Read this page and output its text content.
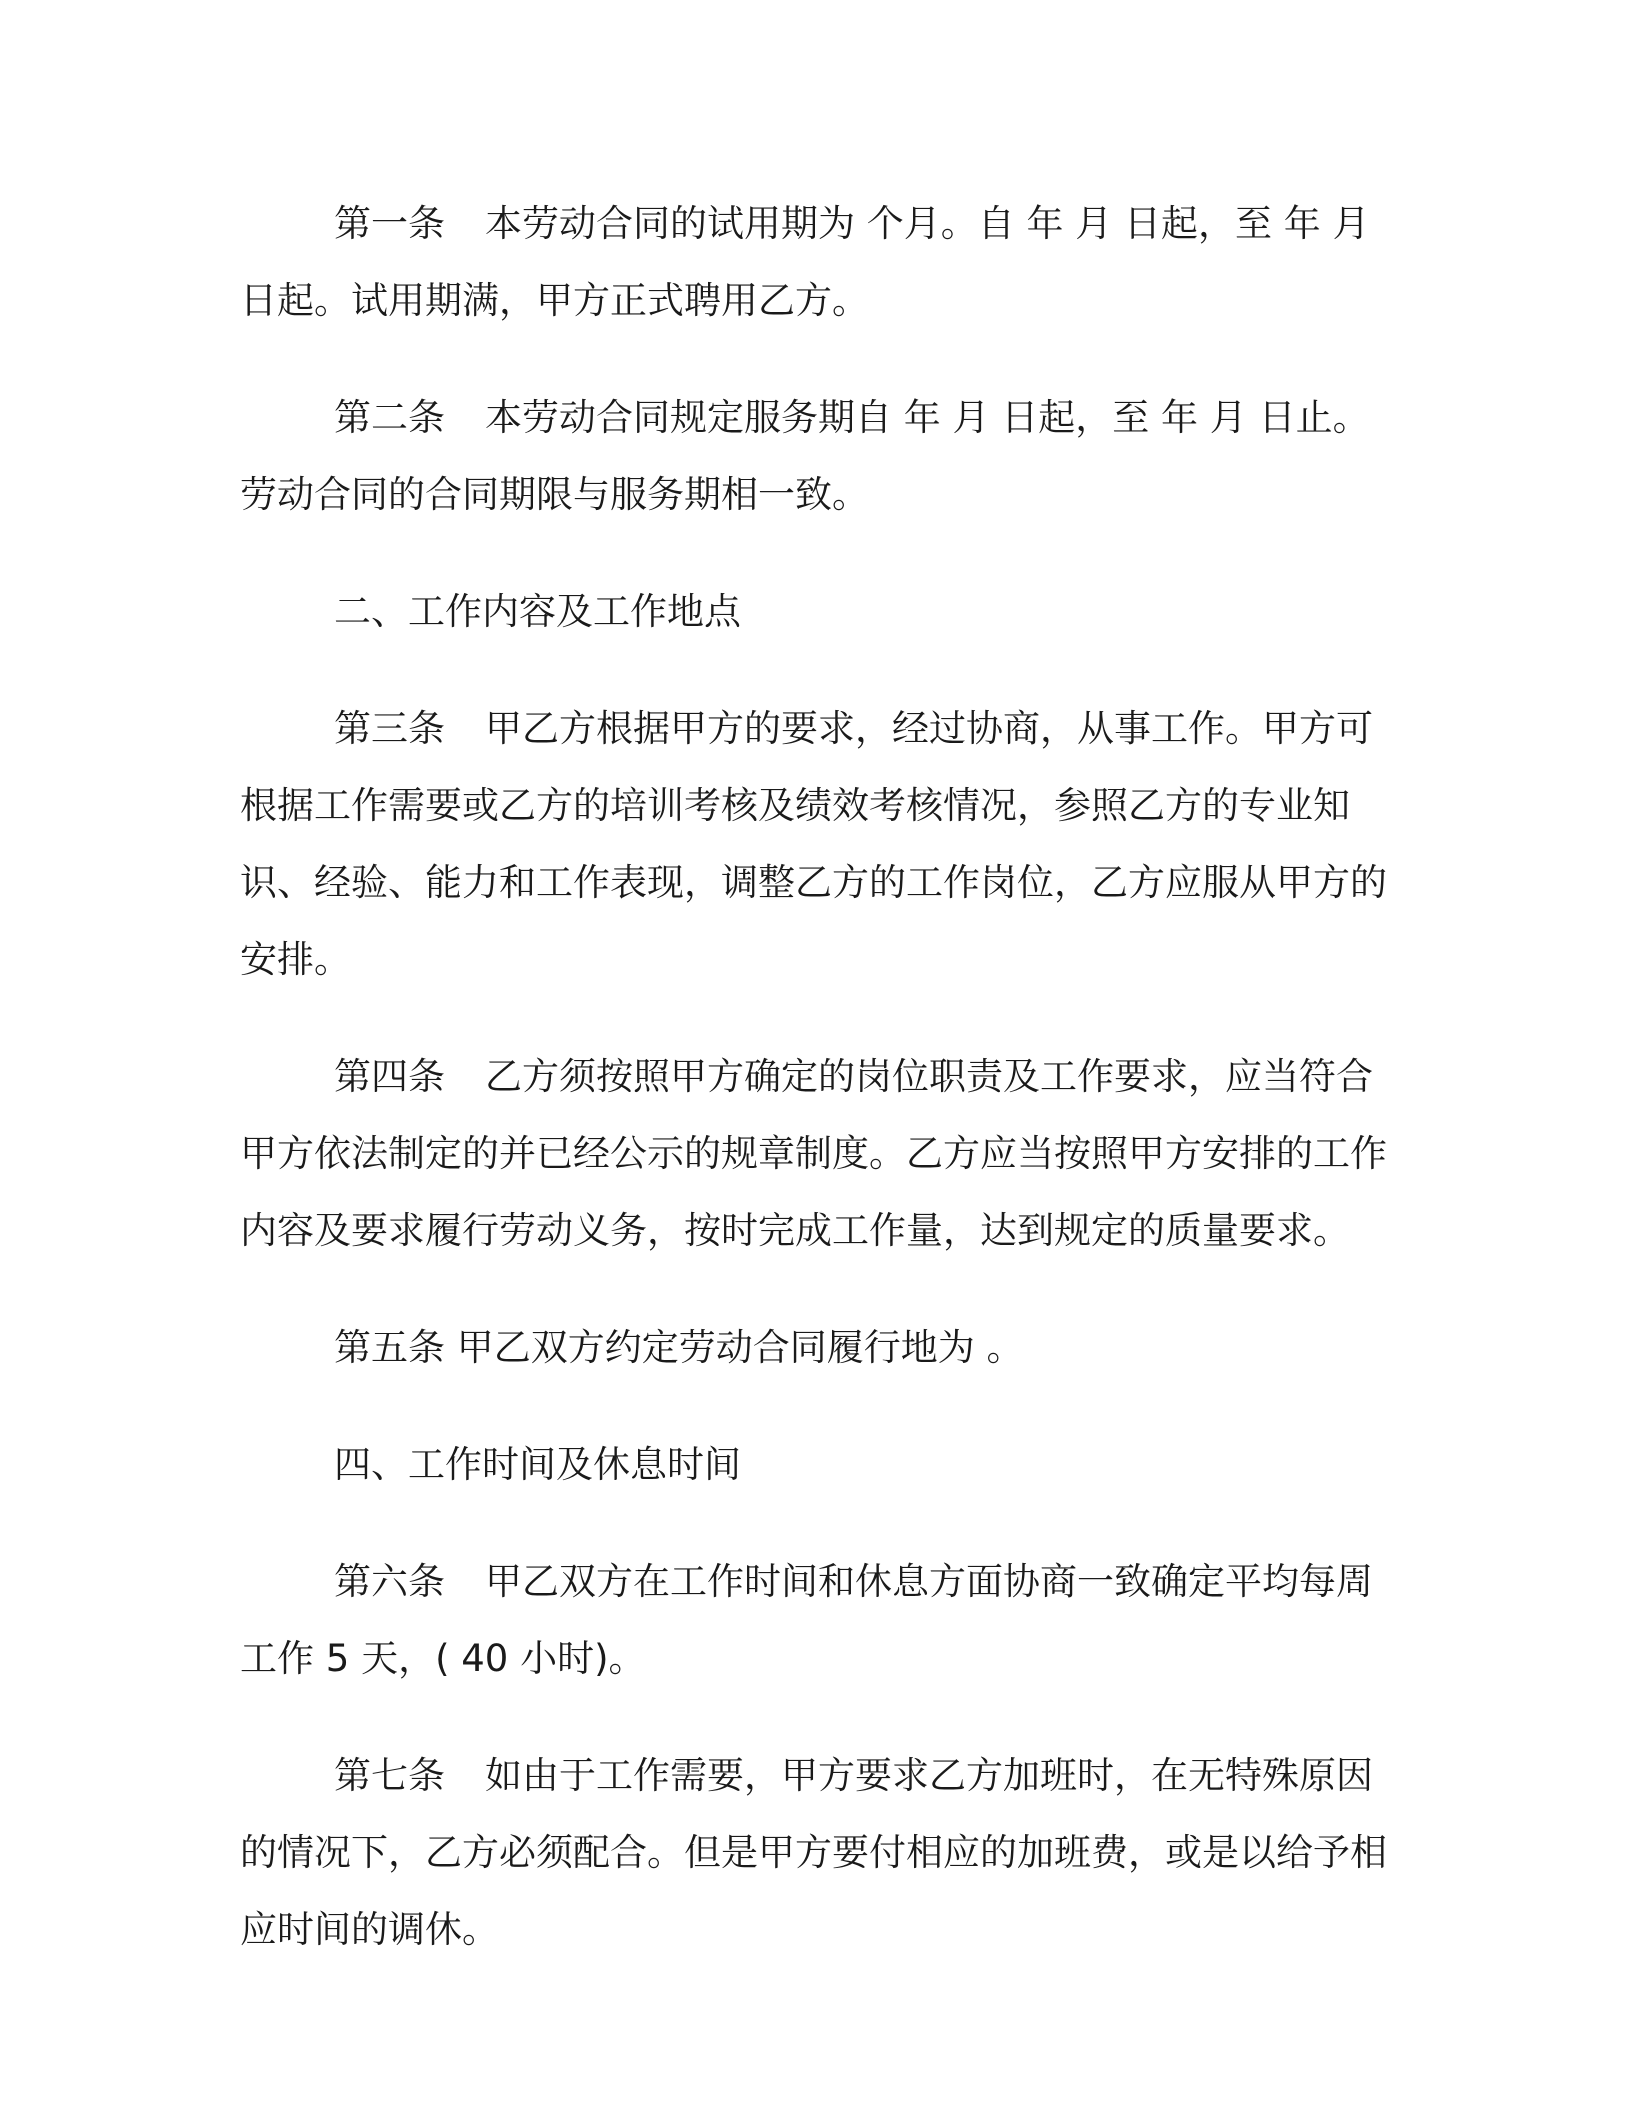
第一条 本劳动合同的试用期为 个月。自 年 月 日起，至 年 月 日起。试用期满，甲方正式聘用乙方。

第二条 本劳动合同规定服务期自 年 月 日起，至 年 月 日止。劳动合同的合同期限与服务期相一致。

二、工作内容及工作地点

第三条 甲乙方根据甲方的要求，经过协商，从事工作。甲方可根据工作需要或乙方的培训考核及绩效考核情况，参照乙方的专业知识、经验、能力和工作表现，调整乙方的工作岗位，乙方应服从甲方的安排。

第四条 乙方须按照甲方确定的岗位职责及工作要求，应当符合甲方依法制定的并已经公示的规章制度。乙方应当按照甲方安排的工作内容及要求履行劳动义务，按时完成工作量，达到规定的质量要求。

第五条 甲乙双方约定劳动合同履行地为 。

四、工作时间及休息时间

第六条 甲乙双方在工作时间和休息方面协商一致确定平均每周工作 5 天，( 40 小时)。

第七条 如由于工作需要，甲方要求乙方加班时，在无特殊原因的情况下，乙方必须配合。但是甲方要付相应的加班费，或是以给予相应时间的调休。
